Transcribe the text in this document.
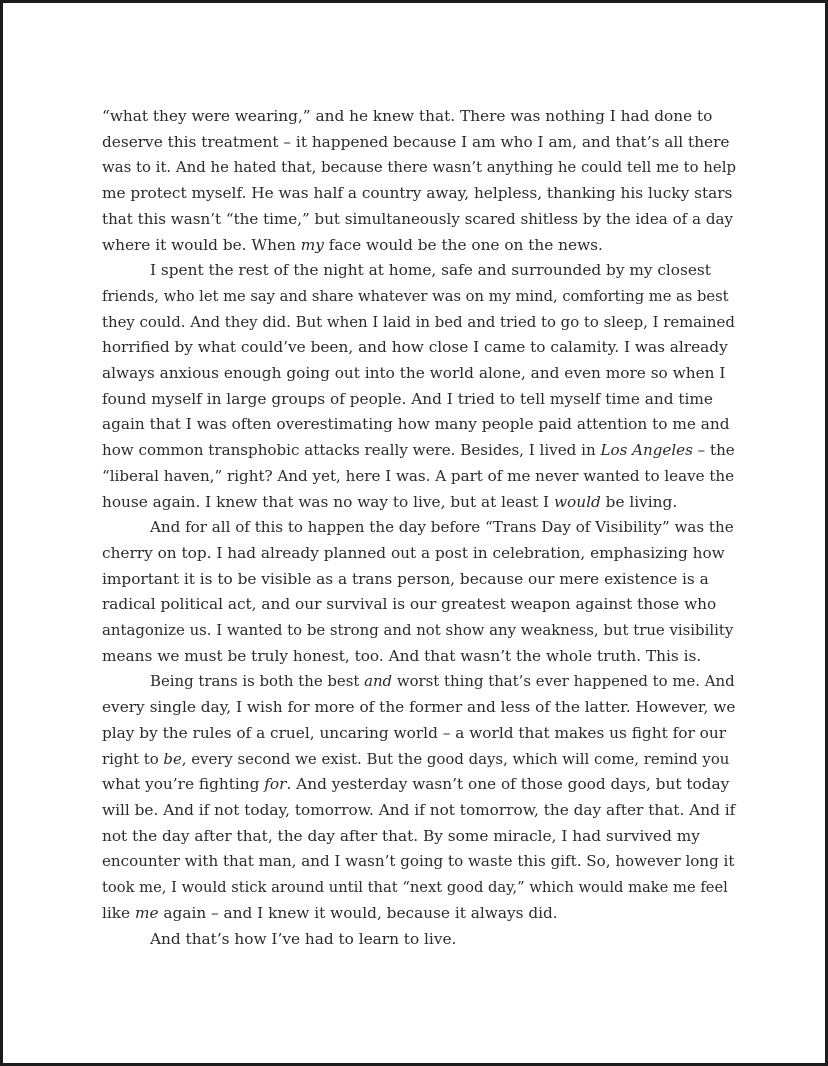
“what they were wearing,” and he knew that. There was nothing I had done to
deserve this treatment – it happened because I am who I am, and that’s all there
was to it. And he hated that, because there wasn’t anything he could tell me to help
me protect myself. He was half a country away, helpless, thanking his lucky stars
that this wasn’t “the time,” but simultaneously scared shitless by the idea of a day
where it would be. When my face would be the one on the news.
I spent the rest of the night at home, safe and surrounded by my closest
friends, who let me say and share whatever was on my mind, comforting me as best
they could. And they did. But when I laid in bed and tried to go to sleep, I remained
horrified by what could’ve been, and how close I came to calamity. I was already
always anxious enough going out into the world alone, and even more so when I
found myself in large groups of people. And I tried to tell myself time and time
again that I was often overestimating how many people paid attention to me and
how common transphobic attacks really were. Besides, I lived in Los Angeles – the
“liberal haven,” right? And yet, here I was. A part of me never wanted to leave the
house again. I knew that was no way to live, but at least I would be living.
And for all of this to happen the day before “Trans Day of Visibility” was the
cherry on top. I had already planned out a post in celebration, emphasizing how
important it is to be visible as a trans person, because our mere existence is a
radical political act, and our survival is our greatest weapon against those who
antagonize us. I wanted to be strong and not show any weakness, but true visibility
means we must be truly honest, too. And that wasn’t the whole truth. This is.
Being trans is both the best and worst thing that’s ever happened to me. And
every single day, I wish for more of the former and less of the latter. However, we
play by the rules of a cruel, uncaring world – a world that makes us fight for our
right to be, every second we exist. But the good days, which will come, remind you
what you’re fighting for. And yesterday wasn’t one of those good days, but today
will be. And if not today, tomorrow. And if not tomorrow, the day after that. And if
not the day after that, the day after that. By some miracle, I had survived my
encounter with that man, and I wasn’t going to waste this gift. So, however long it
took me, I would stick around until that “next good day,” which would make me feel
like me again – and I knew it would, because it always did.
And that’s how I’ve had to learn to live.
